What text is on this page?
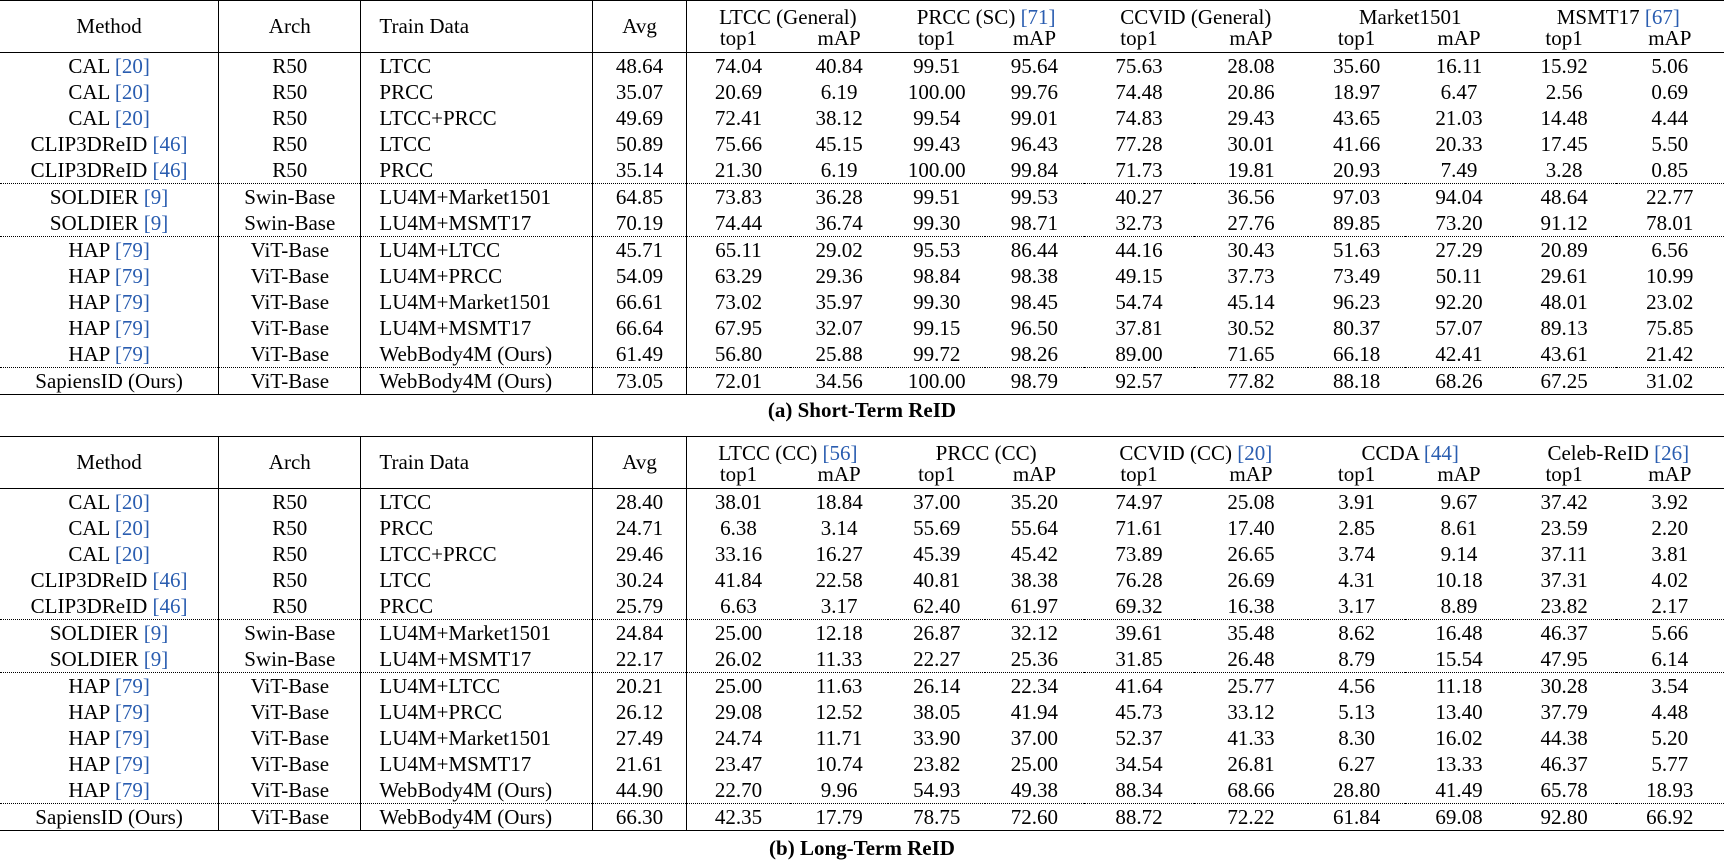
Method	Arch	Train Data	Avg	LTCC (General)		PRCC (SC) [71]		CCVID (General)		Market1501		MSMT17 [67]	
				top1	mAP	top1	mAP	top1	mAP	top1	mAP	top1	mAP
CAL [20]	R50	LTCC	48.64	74.04	40.84	99.51	95.64	75.63	28.08	35.60	16.11	15.92	5.06
CAL [20]	R50	PRCC	35.07	20.69	6.19	100.00	99.76	74.48	20.86	18.97	6.47	2.56	0.69
CAL [20]	R50	LTCC+PRCC	49.69	72.41	38.12	99.54	99.01	74.83	29.43	43.65	21.03	14.48	4.44
CLIP3DReID [46]	R50	LTCC	50.89	75.66	45.15	99.43	96.43	77.28	30.01	41.66	20.33	17.45	5.50
CLIP3DReID [46]	R50	PRCC	35.14	21.30	6.19	100.00	99.84	71.73	19.81	20.93	7.49	3.28	0.85
SOLDIER [9]	Swin-Base	LU4M+Market1501	64.85	73.83	36.28	99.51	99.53	40.27	36.56	97.03	94.04	48.64	22.77
SOLDIER [9]	Swin-Base	LU4M+MSMT17	70.19	74.44	36.74	99.30	98.71	32.73	27.76	89.85	73.20	91.12	78.01
HAP [79]	ViT-Base	LU4M+LTCC	45.71	65.11	29.02	95.53	86.44	44.16	30.43	51.63	27.29	20.89	6.56
HAP [79]	ViT-Base	LU4M+PRCC	54.09	63.29	29.36	98.84	98.38	49.15	37.73	73.49	50.11	29.61	10.99
HAP [79]	ViT-Base	LU4M+Market1501	66.61	73.02	35.97	99.30	98.45	54.74	45.14	96.23	92.20	48.01	23.02
HAP [79]	ViT-Base	LU4M+MSMT17	66.64	67.95	32.07	99.15	96.50	37.81	30.52	80.37	57.07	89.13	75.85
HAP [79]	ViT-Base	WebBody4M (Ours)	61.49	56.80	25.88	99.72	98.26	89.00	71.65	66.18	42.41	43.61	21.42
SapiensID (Ours)	ViT-Base	WebBody4M (Ours)	73.05	72.01	34.56	100.00	98.79	92.57	77.82	88.18	68.26	67.25	31.02
(a) Short-Term ReID
Method	Arch	Train Data	Avg	LTCC (CC) [56]		PRCC (CC)		CCVID (CC) [20]		CCDA [44]		Celeb-ReID [26]	
				top1	mAP	top1	mAP	top1	mAP	top1	mAP	top1	mAP
CAL [20]	R50	LTCC	28.40	38.01	18.84	37.00	35.20	74.97	25.08	3.91	9.67	37.42	3.92
CAL [20]	R50	PRCC	24.71	6.38	3.14	55.69	55.64	71.61	17.40	2.85	8.61	23.59	2.20
CAL [20]	R50	LTCC+PRCC	29.46	33.16	16.27	45.39	45.42	73.89	26.65	3.74	9.14	37.11	3.81
CLIP3DReID [46]	R50	LTCC	30.24	41.84	22.58	40.81	38.38	76.28	26.69	4.31	10.18	37.31	4.02
CLIP3DReID [46]	R50	PRCC	25.79	6.63	3.17	62.40	61.97	69.32	16.38	3.17	8.89	23.82	2.17
SOLDIER [9]	Swin-Base	LU4M+Market1501	24.84	25.00	12.18	26.87	32.12	39.61	35.48	8.62	16.48	46.37	5.66
SOLDIER [9]	Swin-Base	LU4M+MSMT17	22.17	26.02	11.33	22.27	25.36	31.85	26.48	8.79	15.54	47.95	6.14
HAP [79]	ViT-Base	LU4M+LTCC	20.21	25.00	11.63	26.14	22.34	41.64	25.77	4.56	11.18	30.28	3.54
HAP [79]	ViT-Base	LU4M+PRCC	26.12	29.08	12.52	38.05	41.94	45.73	33.12	5.13	13.40	37.79	4.48
HAP [79]	ViT-Base	LU4M+Market1501	27.49	24.74	11.71	33.90	37.00	52.37	41.33	8.30	16.02	44.38	5.20
HAP [79]	ViT-Base	LU4M+MSMT17	21.61	23.47	10.74	23.82	25.00	34.54	26.81	6.27	13.33	46.37	5.77
HAP [79]	ViT-Base	WebBody4M (Ours)	44.90	22.70	9.96	54.93	49.38	88.34	68.66	28.80	41.49	65.78	18.93
SapiensID (Ours)	ViT-Base	WebBody4M (Ours)	66.30	42.35	17.79	78.75	72.60	88.72	72.22	61.84	69.08	92.80	66.92
(b) Long-Term ReID
